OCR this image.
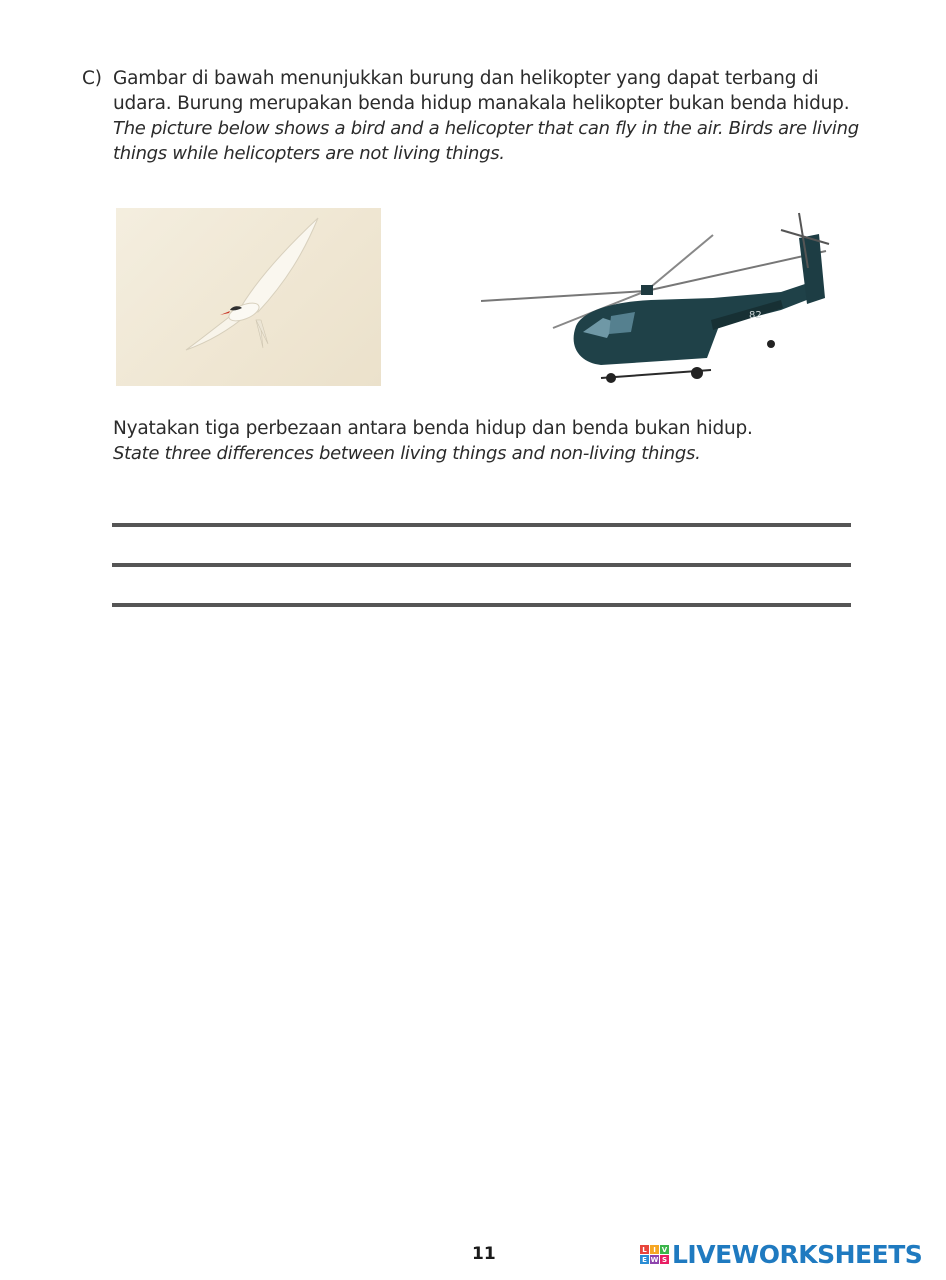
C) Gambar di bawah menunjukkan burung dan helikopter yang dapat terbang di udara. Burung merupakan benda hidup manakala helikopter bukan benda hidup.
The picture below shows a bird and a helicopter that can fly in the air. Birds are living things while helicopters are not living things.
82
Nyatakan tiga perbezaan antara benda hidup dan benda bukan hidup.
State three differences between living things and non-living things.
11	L I V
E W S LIVEWORKSHEETS
